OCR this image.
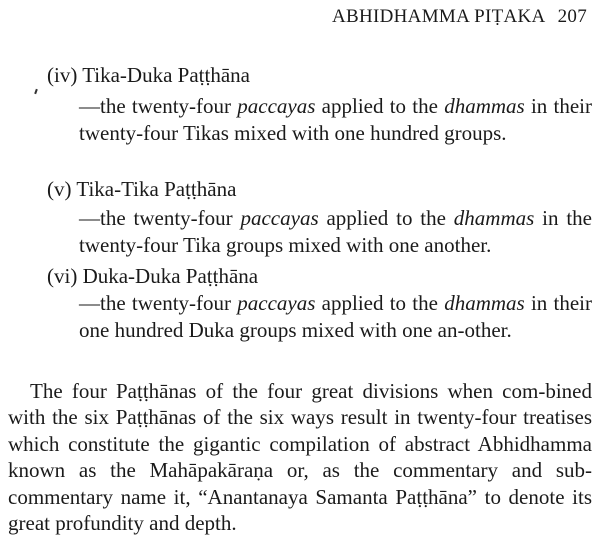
ABHIDHAMMA PIṬAKA 207
(iv) Tika-Duka Paṭṭhāna
—the twenty-four paccayas applied to the dhammas in their twenty-four Tikas mixed with one hundred groups.
(v) Tika-Tika Paṭṭhāna
—the twenty-four paccayas applied to the dhammas in the twenty-four Tika groups mixed with one another.
(vi) Duka-Duka Paṭṭhāna
—the twenty-four paccayas applied to the dhammas in their one hundred Duka groups mixed with one an-other.

The four Paṭṭhānas of the four great divisions when com-bined with the six Paṭṭhānas of the six ways result in twenty-four treatises which constitute the gigantic compilation of abstract Abhidhamma known as the Mahāpakāraṇa or, as the commentary and sub-commentary name it, “Anantanaya Samanta Paṭṭhāna” to denote its great profundity and depth.
